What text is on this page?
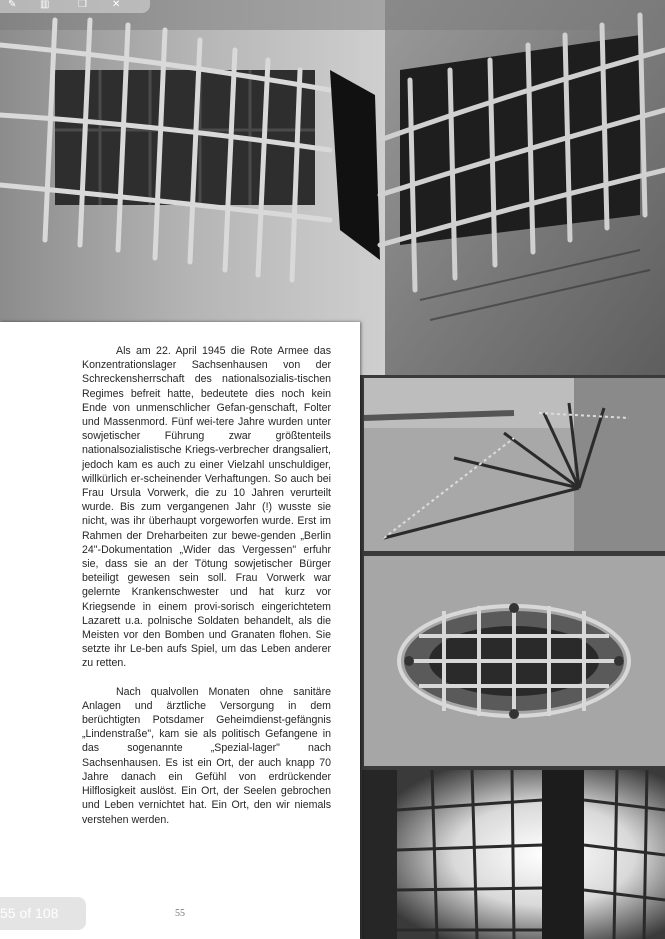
Als am 22. April 1945 die Rote Armee das Konzentrationslager Sachsenhausen von der Schreckensherrschaft des nationalsozialis-tischen Regimes befreit hatte, bedeutete dies noch kein Ende von unmenschlicher Gefan-genschaft, Folter und Massenmord. Fünf wei-tere Jahre wurden unter sowjetischer Führung zwar größtenteils nationalsozialistische Kriegs-verbrecher drangsaliert, jedoch kam es auch zu einer Vielzahl unschuldiger, willkürlich er-scheinender Verhaftungen. So auch bei Frau Ursula Vorwerk, die zu 10 Jahren verurteilt wurde. Bis zum vergangenen Jahr (!) wusste sie nicht, was ihr überhaupt vorgeworfen wurde. Erst im Rahmen der Dreharbeiten zur bewe-genden „Berlin 24"-Dokumentation „Wider das Vergessen" erfuhr sie, dass sie an der Tötung sowjetischer Bürger beteiligt gewesen sein soll. Frau Vorwerk war gelernte Krankenschwester und hat kurz vor Kriegsende in einem provi-sorisch eingerichtetem Lazarett u.a. polnische Soldaten behandelt, als die Meisten vor den Bomben und Granaten flohen. Sie setzte ihr Le-ben aufs Spiel, um das Leben anderer zu retten.

Nach qualvollen Monaten ohne sanitäre Anlagen und ärztliche Versorgung in dem berüchtigten Potsdamer Geheimdienst-gefängnis „Lindenstraße", kam sie als politisch Gefangene in das sogenannte „Spezial-lager" nach Sachsenhausen. Es ist ein Ort, der auch knapp 70 Jahre danach ein Gefühl von erdrückender Hilflosigkeit auslöst. Ein Ort, der Seelen gebrochen und Leben vernichtet hat. Ein Ort, den wir niemals verstehen werden.

55
✎ ▥	❐	✕
55 of 108
